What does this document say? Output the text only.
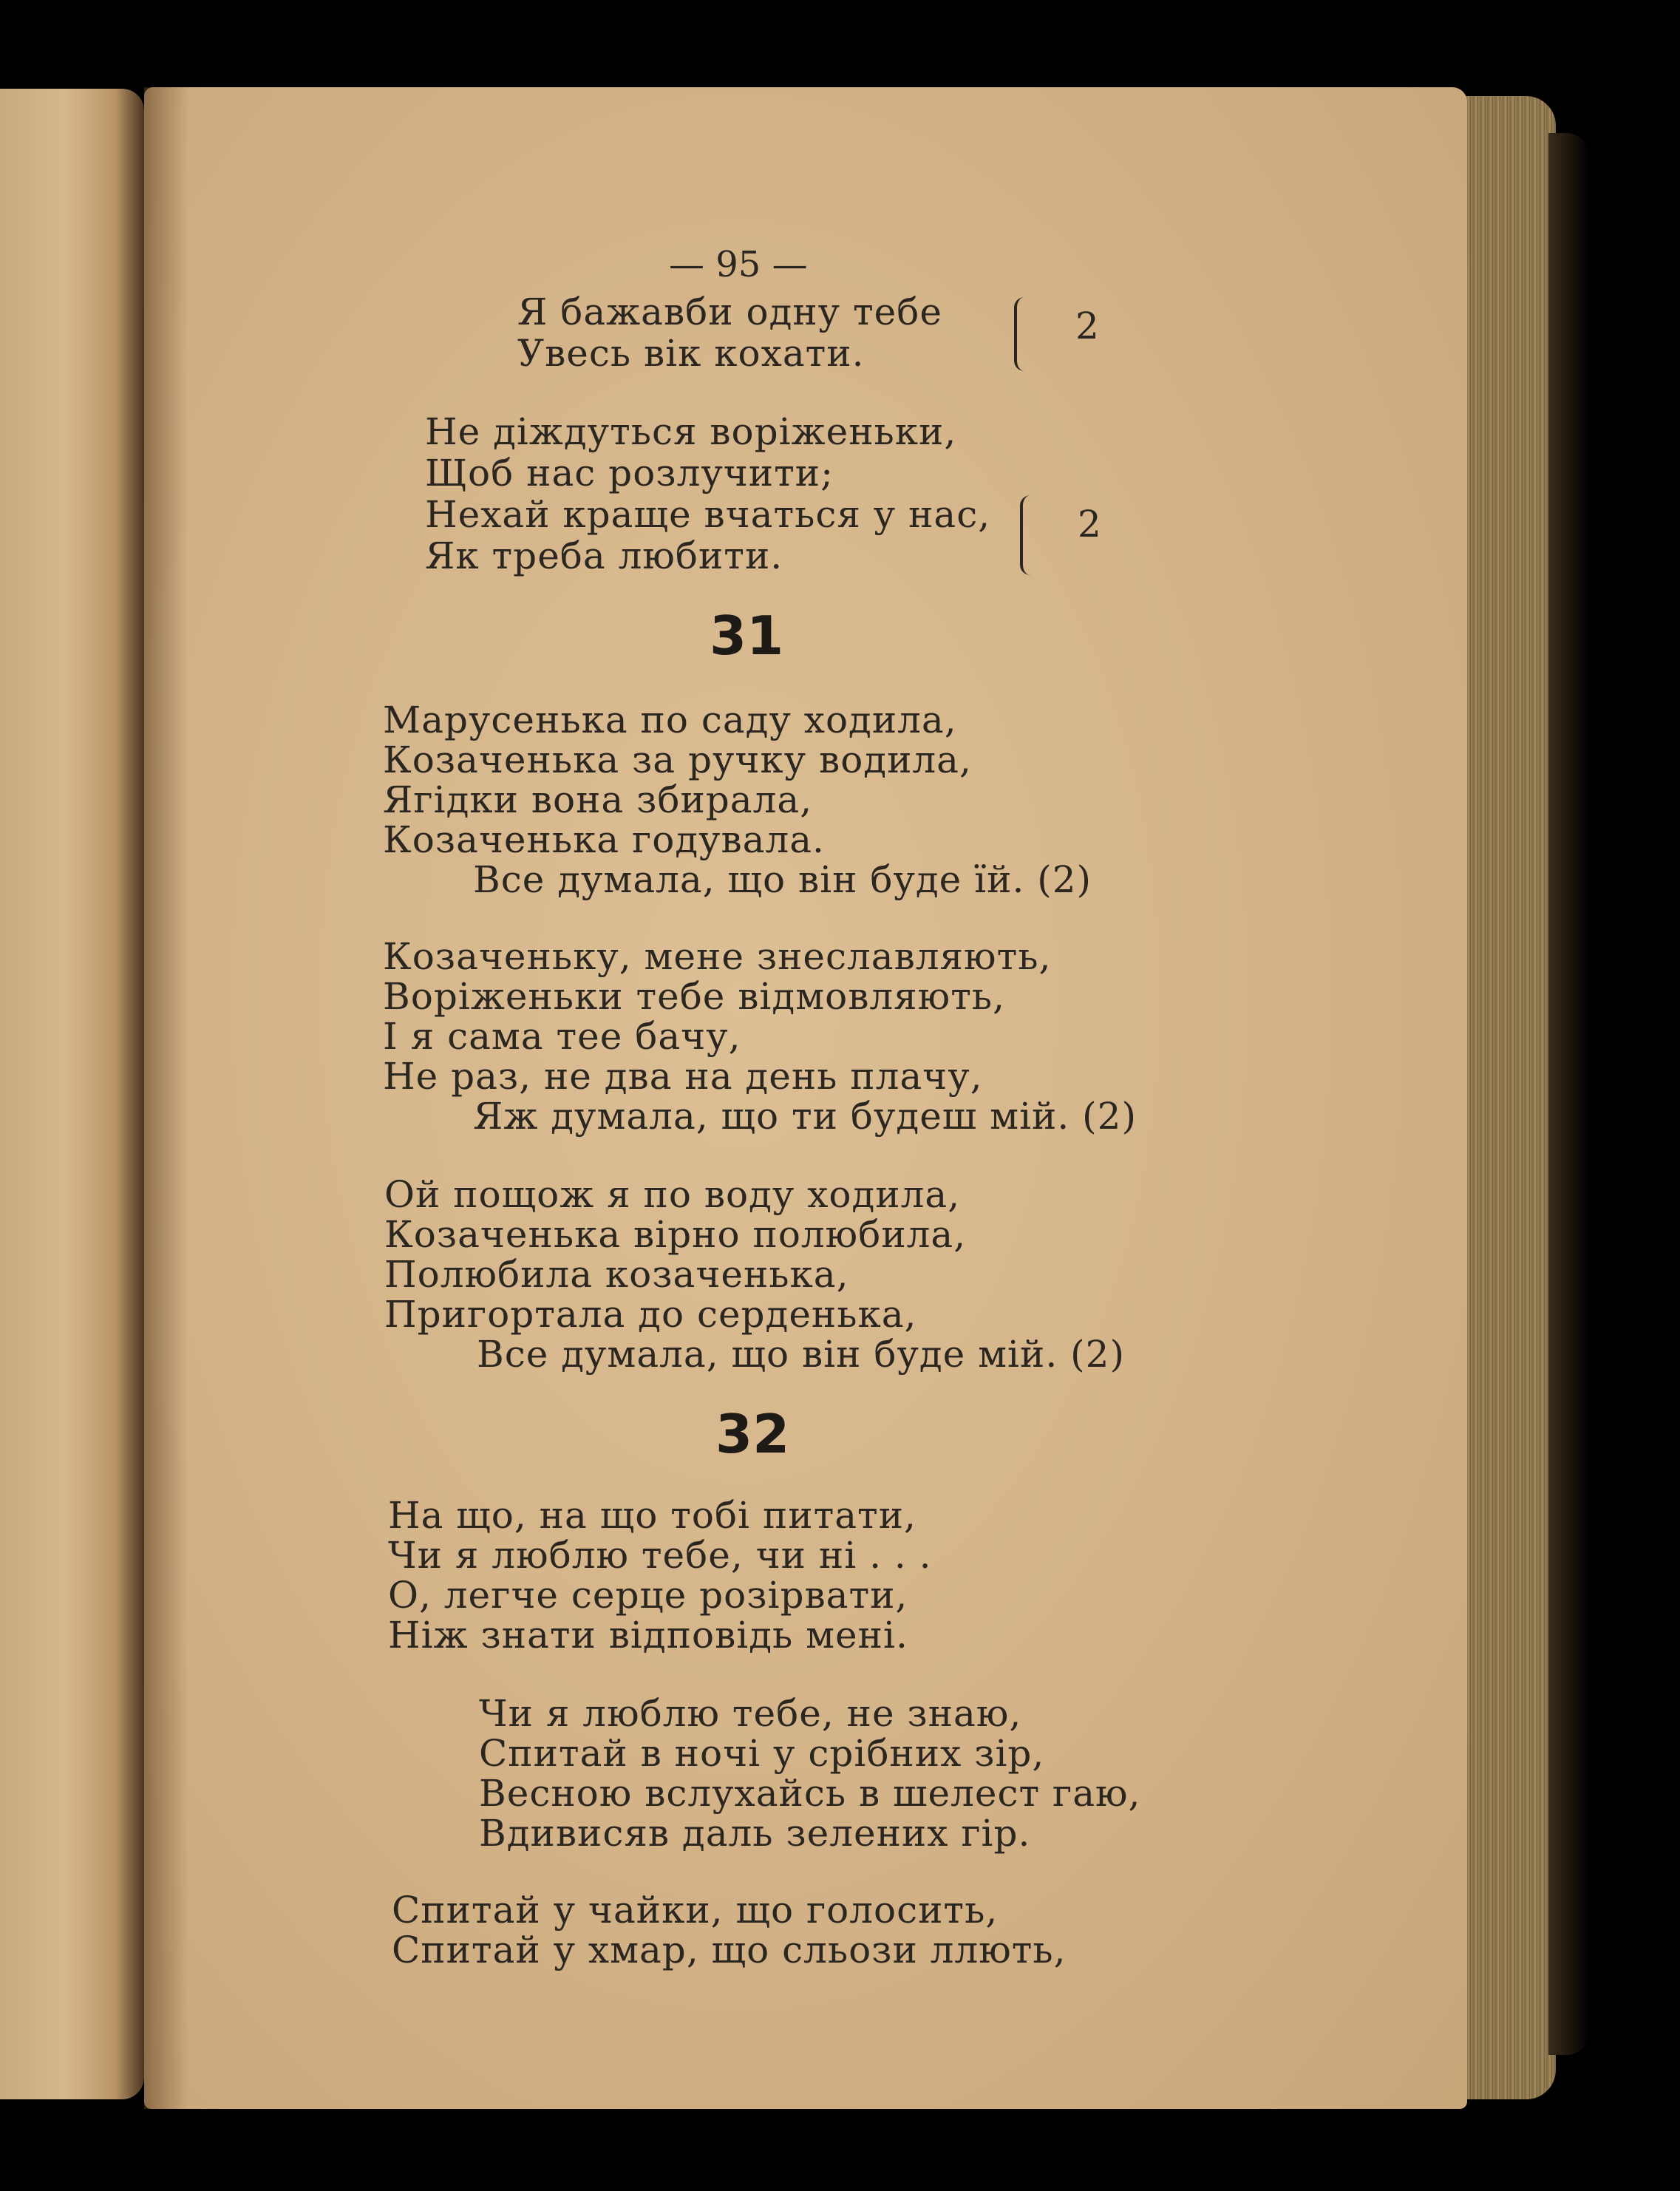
— 95 —
Я бажавби одну тебе
Увесь вік кохати.
2
Не діждуться воріженьки,
Щоб нас розлучити;
Нехай краще вчаться у нас,
Як треба любити.
2
31
Марусенька по саду ходила,
Козаченька за ручку водила,
Ягідки вона збирала,
Козаченька годувала.
Все думала, що він буде їй. (2)
Козаченьку, мене знеславляють,
Воріженьки тебе відмовляють,
І я сама тее бачу,
Не раз, не два на день плачу,
Яж думала, що ти будеш мій. (2)
Ой пощож я по воду ходила,
Козаченька вірно полюбила,
Полюбила козаченька,
Пригортала до серденька,
Все думала, що він буде мій. (2)
32
На що, на що тобі питати,
Чи я люблю тебе, чи ні . . .
О, легче серце розірвати,
Ніж знати відповідь мені.
Чи я люблю тебе, не знаю,
Спитай в ночі у срібних зір,
Весною вслухайсь в шелест гаю,
Вдивисяв даль зелених гір.
Спитай у чайки, що голосить,
Спитай у хмар, що сльози ллють,
